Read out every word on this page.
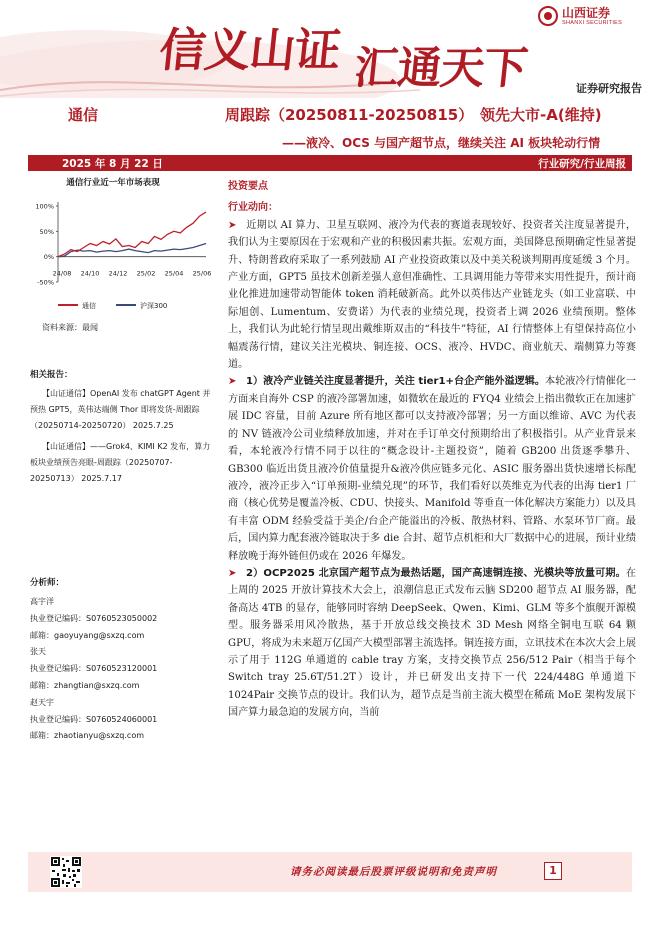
信义山证 汇通天下
山西证券
SHANXI SECURITIES
证券研究报告
通信	周跟踪（20250811-20250815） 领先大市-A(维持)
——液冷、OCS 与国产超节点，继续关注 AI 板块轮动行情
2025 年 8 月 22 日	行业研究/行业周报
通信行业近一年市场表现
100%
50%
0%
-50%
24/08 24/10 24/12 25/02 25/04 25/06
通信	沪深300
资料来源：最闻
相关报告：
【山证通信】OpenAI 发布 chatGPT Agent 并预热 GPT5，英伟达端侧 Thor 即将发货-周跟踪（20250714-20250720） 2025.7.25
【山证通信】——Grok4、KIMI K2 发布，算力板块业绩预告亮眼-周跟踪（20250707-20250713） 2025.7.17
分析师：
高宇洋
执业登记编码：S0760523050002
邮箱：gaoyuyang@sxzq.com
张天
执业登记编码：S0760523120001
邮箱：zhangtian@sxzq.com
赵天宇
执业登记编码：S0760524060001
邮箱：zhaotianyu@sxzq.com
投资要点
行业动向：
➤ 近期以 AI 算力、卫星互联网、液冷为代表的赛道表现较好、投资者关注度显著提升，我们认为主要原因在于宏观和产业的积极因素共振。宏观方面，美国降息预期确定性显著提升、特朗普政府采取了一系列鼓励 AI 产业投资政策以及中美关税谈判期再度延缓 3 个月。产业方面，GPT5 虽技术创新差强人意但准确性、工具调用能力等带来实用性提升，预计商业化推进加速带动智能体 token 消耗破新高。此外以英伟达产业链龙头（如工业富联、中际旭创、Lumentum、安费诺）为代表的业绩兑现，投资者上调 2026 业绩预期。整体上，我们认为此轮行情呈现出戴维斯双击的“科技牛”特征，AI 行情整体上有望保持高位小幅震荡行情，建议关注光模块、铜连接、OCS、液冷、HVDC、商业航天、端侧算力等赛道。
➤ 1）液冷产业链关注度显著提升，关注 tier1+台企产能外溢逻辑。本轮液冷行情催化一方面来自海外 CSP 的液冷部署加速，如微软在最近的 FYQ4 业绩会上指出微软正在加速扩展 IDC 容量，目前 Azure 所有地区都可以支持液冷部署；另一方面以维谛、AVC 为代表的 NV 链液冷公司业绩释放加速，并对在手订单交付预期给出了积极指引。从产业背景来看，本轮液冷行情不同于以往的“概念设计-主题投资”，随着 GB200 出货逐季攀升、GB300 临近出货且液冷价值量提升&液冷供应链多元化、ASIC 服务器出货快速增长标配液冷，液冷正步入“订单预期-业绩兑现”的环节，我们看好以英维克为代表的出海 tier1 厂商（核心优势是覆盖冷板、CDU、快接头、Manifold 等垂直一体化解决方案能力）以及具有丰富 ODM 经验受益于美企/台企产能溢出的冷板、散热材料、管路、水泵环节厂商。最后，国内算力配套液冷链取决于多 die 合封、超节点机柜和大厂数据中心的进展，预计业绩释放晚于海外链但仍或在 2026 年爆发。
➤ 2）OCP2025 北京国产超节点为最热话题，国产高速铜连接、光模块等放量可期。在上周的 2025 开放计算技术大会上，浪潮信息正式发布云脑 SD200 超节点 AI 服务器，配备高达 4TB 的显存，能够同时容纳 DeepSeek、Qwen、Kimi、GLM 等多个旗舰开源模型。服务器采用风冷散热，基于开放总线交换技术 3D Mesh 网络全铜电互联 64 颗 GPU，将成为未来超万亿国产大模型部署主流选择。铜连接方面，立讯技术在本次大会上展示了用于 112G 单通道的 cable tray 方案，支持交换节点 256/512 Pair（相当于每个 Switch tray 25.6T/51.2T）设计，并已研发出支持下一代 224/448G 单通道下 1024Pair 交换节点的设计。我们认为，超节点是当前主流大模型在稀疏 MoE 架构发展下国产算力最急迫的发展方向，当前
请务必阅读最后股票评级说明和免责声明	1
